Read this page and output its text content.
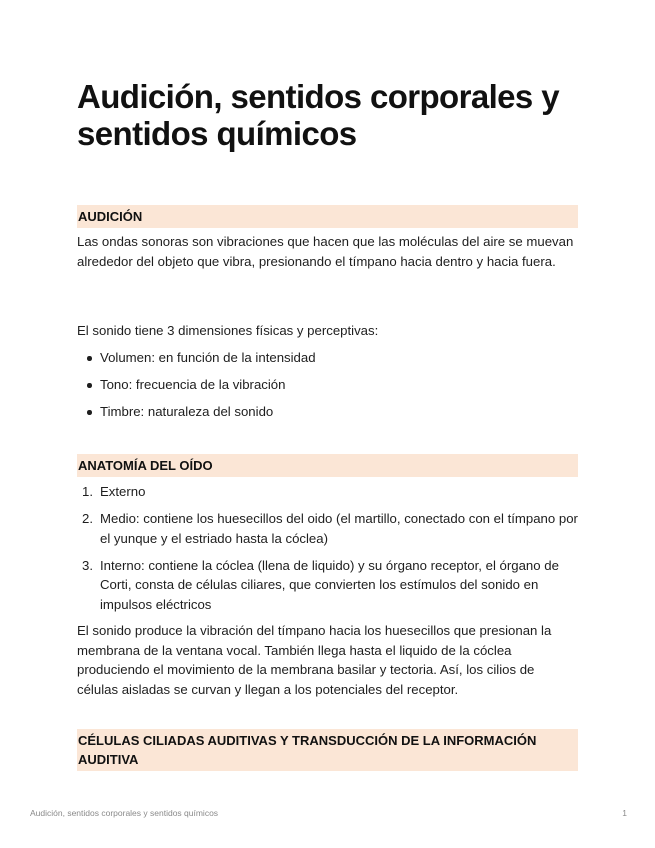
Audición, sentidos corporales y sentidos químicos
AUDICIÓN

Las ondas sonoras son vibraciones que hacen que las moléculas del aire se muevan alrededor del objeto que vibra, presionando el tímpano hacia dentro y hacia fuera.

El sonido tiene 3 dimensiones físicas y perceptivas:

Volumen: en función de la intensidad
Tono: frecuencia de la vibración
Timbre: naturaleza del sonido
ANATOMÍA DEL OÍDO
1. Externo
2. Medio: contiene los huesecillos del oido (el martillo, conectado con el tímpano por el yunque y el estriado hasta la cóclea)
3. Interno: contiene la cóclea (llena de liquido) y su órgano receptor, el órgano de Corti, consta de células ciliares, que convierten los estímulos del sonido en impulsos eléctricos

El sonido produce la vibración del tímpano hacia los huesecillos que presionan la membrana de la ventana vocal. También llega hasta el liquido de la cóclea produciendo el movimiento de la membrana basilar y tectoria. Así, los cilios de células aisladas se curvan y llegan a los potenciales del receptor.

CÉLULAS CILIADAS AUDITIVAS Y TRANSDUCCIÓN DE LA INFORMACIÓN AUDITIVA
Audición, sentidos corporales y sentidos químicos	1
